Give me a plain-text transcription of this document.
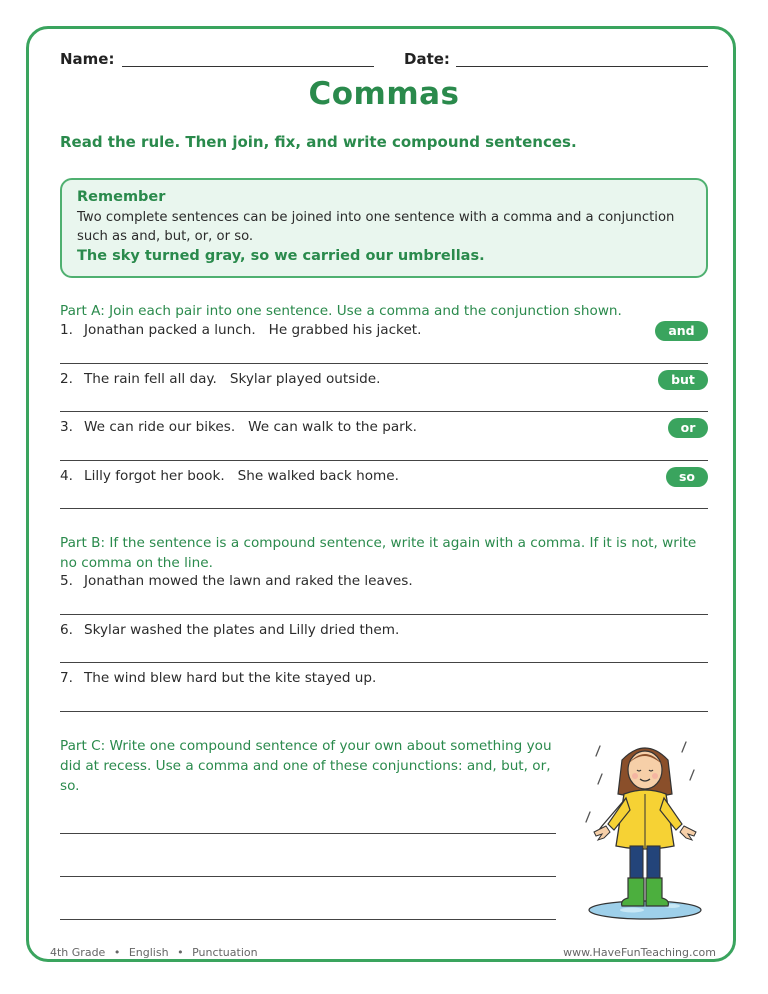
Name:	Date:
Commas
Read the rule. Then join, fix, and write compound sentences.
Remember
Two complete sentences can be joined into one sentence with a comma and a conjunction such as and, but, or, or so.
The sky turned gray, so we carried our umbrellas.
Part A: Join each pair into one sentence. Use a comma and the conjunction shown.
1. Jonathan packed a lunch.   He grabbed his jacket.	and
2. The rain fell all day.   Skylar played outside.	but
3. We can ride our bikes.   We can walk to the park.	or
4. Lilly forgot her book.   She walked back home.	so
Part B: If the sentence is a compound sentence, write it again with a comma. If it is not, write
no comma on the line.
5. Jonathan mowed the lawn and raked the leaves.
6. Skylar washed the plates and Lilly dried them.
7. The wind blew hard but the kite stayed up.
Part C: Write one compound sentence of your own about something you
did at recess. Use a comma and one of these conjunctions: and, but, or,
so.
4th Grade • English • Punctuation	www.HaveFunTeaching.com
